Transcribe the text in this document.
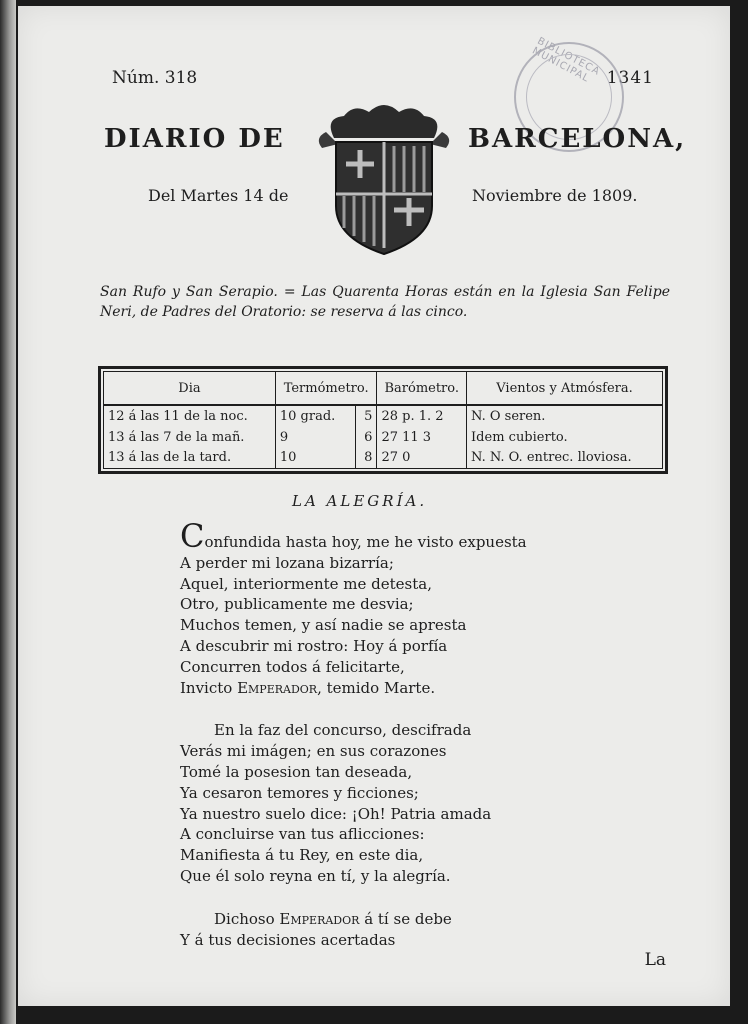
Núm. 318	1341
BIBLIOTECA MUNICIPAL
DIARIO DE	BARCELONA,
Del Martes 14 de	Noviembre de 1809.
San Rufo y San Serapio. = Las Quarenta Horas están en la Iglesia San Felipe Neri, de Padres del Oratorio: se reserva á las cinco.
Dia	Termómetro.		Barómetro.	Vientos y Atmósfera.
12 á las 11 de la noc.	10 grad.	5	28 p. 1. 2	N. O seren.
13 á las 7 de la mañ.	9	6	27 11 3	Idem cubierto.
13 á las de la tard.	10	8	27 0	N. N. O. entrec. lloviosa.
LA ALEGRÍA.
Confundida hasta hoy, me he visto expuesta
A perder mi lozana bizarría;
Aquel, interiormente me detesta,
Otro, publicamente me desvia;
Muchos temen, y así nadie se apresta
A descubrir mi rostro: Hoy á porfía
Concurren todos á felicitarte,
Invicto Emperador, temido Marte.
En la faz del concurso, descifrada
Verás mi imágen; en sus corazones
Tomé la posesion tan deseada,
Ya cesaron temores y ficciones;
Ya nuestro suelo dice: ¡Oh! Patria amada
A concluirse van tus aflicciones:
Manifiesta á tu Rey, en este dia,
Que él solo reyna en tí, y la alegría.
Dichoso Emperador á tí se debe
Y á tus decisiones acertadas
La
